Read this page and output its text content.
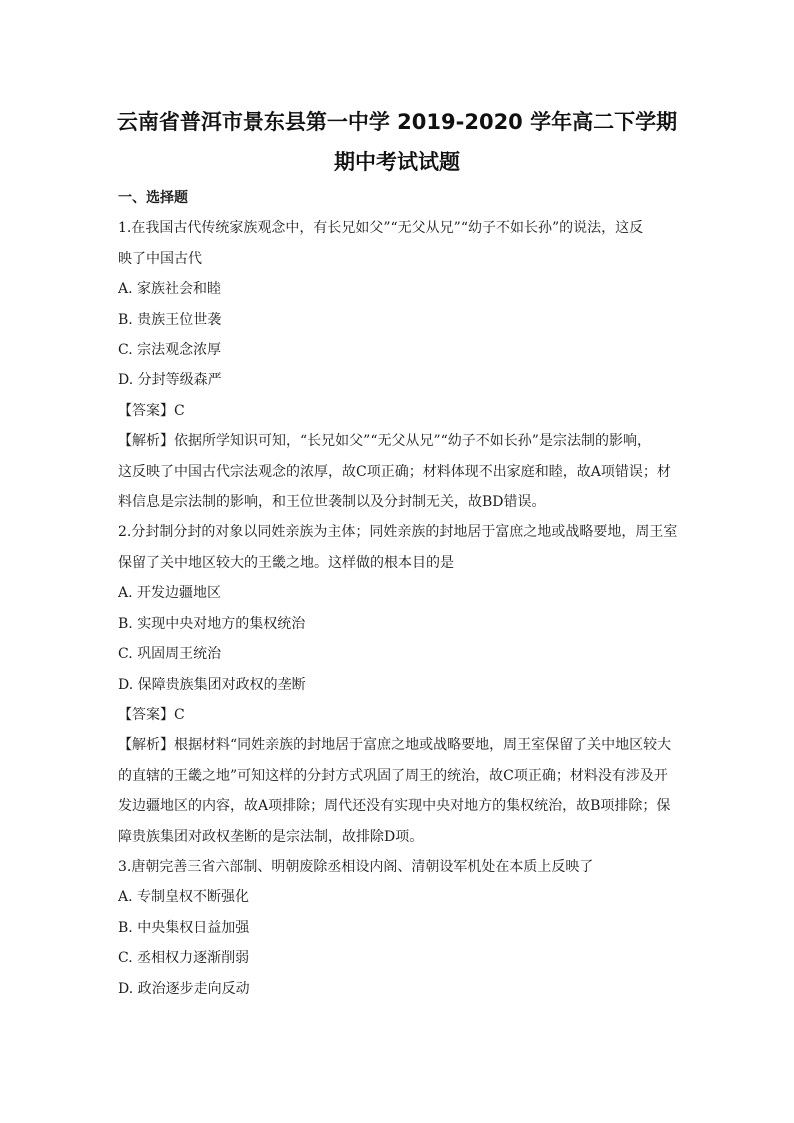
云南省普洱市景东县第一中学 2019-2020 学年高二下学期
期中考试试题
一、选择题
1.在我国古代传统家族观念中，有长兄如父”“无父从兄”“幼子不如长孙”的说法，这反
映了中国古代
A. 家族社会和睦
B. 贵族王位世袭
C. 宗法观念浓厚
D. 分封等级森严
【答案】C
【解析】依据所学知识可知，“长兄如父”“无父从兄”“幼子不如长孙”是宗法制的影响，
这反映了中国古代宗法观念的浓厚，故C项正确；材料体现不出家庭和睦，故A项错误；材
料信息是宗法制的影响，和王位世袭制以及分封制无关，故BD错误。
2.分封制分封的对象以同姓亲族为主体；同姓亲族的封地居于富庶之地或战略要地，周王室
保留了关中地区较大的王畿之地。这样做的根本目的是
A. 开发边疆地区
B. 实现中央对地方的集权统治
C. 巩固周王统治
D. 保障贵族集团对政权的垄断
【答案】C
【解析】根据材料“同姓亲族的封地居于富庶之地或战略要地，周王室保留了关中地区较大
的直辖的王畿之地”可知这样的分封方式巩固了周王的统治，故C项正确；材料没有涉及开
发边疆地区的内容，故A项排除；周代还没有实现中央对地方的集权统治，故B项排除；保
障贵族集团对政权垄断的是宗法制，故排除D项。
3.唐朝完善三省六部制、明朝废除丞相设内阁、清朝设军机处在本质上反映了
A. 专制皇权不断强化
B. 中央集权日益加强
C. 丞相权力逐渐削弱
D. 政治逐步走向反动
